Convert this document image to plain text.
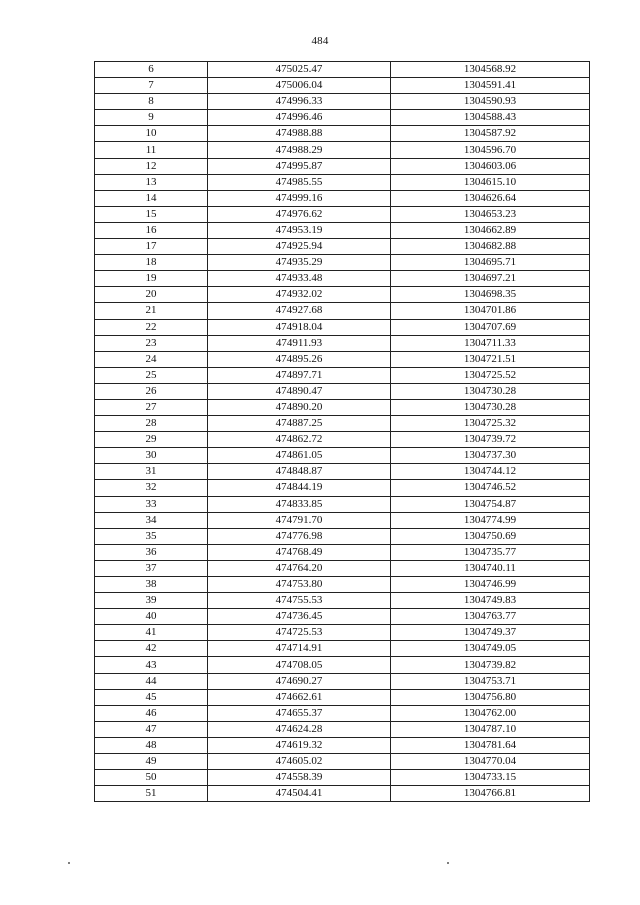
484
6	475025.47	1304568.92
7	475006.04	1304591.41
8	474996.33	1304590.93
9	474996.46	1304588.43
10	474988.88	1304587.92
11	474988.29	1304596.70
12	474995.87	1304603.06
13	474985.55	1304615.10
14	474999.16	1304626.64
15	474976.62	1304653.23
16	474953.19	1304662.89
17	474925.94	1304682.88
18	474935.29	1304695.71
19	474933.48	1304697.21
20	474932.02	1304698.35
21	474927.68	1304701.86
22	474918.04	1304707.69
23	474911.93	1304711.33
24	474895.26	1304721.51
25	474897.71	1304725.52
26	474890.47	1304730.28
27	474890.20	1304730.28
28	474887.25	1304725.32
29	474862.72	1304739.72
30	474861.05	1304737.30
31	474848.87	1304744.12
32	474844.19	1304746.52
33	474833.85	1304754.87
34	474791.70	1304774.99
35	474776.98	1304750.69
36	474768.49	1304735.77
37	474764.20	1304740.11
38	474753.80	1304746.99
39	474755.53	1304749.83
40	474736.45	1304763.77
41	474725.53	1304749.37
42	474714.91	1304749.05
43	474708.05	1304739.82
44	474690.27	1304753.71
45	474662.61	1304756.80
46	474655.37	1304762.00
47	474624.28	1304787.10
48	474619.32	1304781.64
49	474605.02	1304770.04
50	474558.39	1304733.15
51	474504.41	1304766.81
